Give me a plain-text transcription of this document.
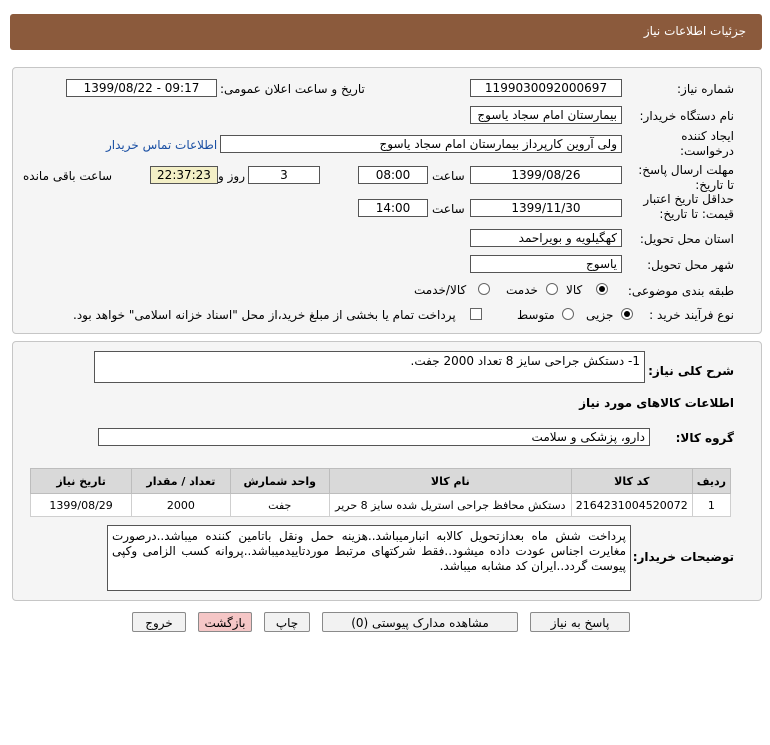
جزئیات اطلاعات نیاز
شماره نیاز:
1199030092000697
تاریخ و ساعت اعلان عمومی:
1399/08/22 - 09:17
نام دستگاه خریدار:
بیمارستان امام سجاد یاسوج
ایجاد کننده درخواست:
ولی آروین کارپرداز بیمارستان امام سجاد یاسوج
اطلاعات تماس خریدار
مهلت ارسال پاسخ:
تا تاریخ:
1399/08/26
ساعت
08:00
3
روز و
22:37:23
ساعت باقی مانده
حداقل تاریخ اعتبار
قیمت: تا تاریخ:
1399/11/30
ساعت
14:00
استان محل تحویل:
کهگیلویه و بویراحمد
شهر محل تحویل:
یاسوج
طبقه بندی موضوعی:
کالا
خدمت
کالا/خدمت
نوع فرآیند خرید :
جزیی
متوسط
پرداخت تمام یا بخشی از مبلغ خرید،از محل "اسناد خزانه اسلامی" خواهد بود.
شرح کلی نیاز:
1- دستکش جراحی سایز 8 تعداد 2000 جفت.
اطلاعات کالاهای مورد نیاز
گروه کالا:
دارو، پزشکی و سلامت
ردیف	کد کالا	نام کالا	واحد شمارش	تعداد / مقدار	تاریخ نیاز
1	2164231004520072	دستکش محافظ جراحی استریل شده سایز 8 حریر	جفت	2000	1399/08/29
توضیحات خریدار:
پرداخت شش ماه بعدازتحویل کالابه انبارمیباشد..هزینه حمل ونقل باتامین کننده میباشد..درصورت مغایرت اجناس عودت داده میشود..فقط شرکتهای مرتبط موردتاییدمیباشد..پروانه کسب الزامی وکپی پیوست گردد..ایران کد مشابه میباشد.
پاسخ به نیاز
مشاهده مدارک پیوستی (0)
چاپ
بازگشت
خروج
